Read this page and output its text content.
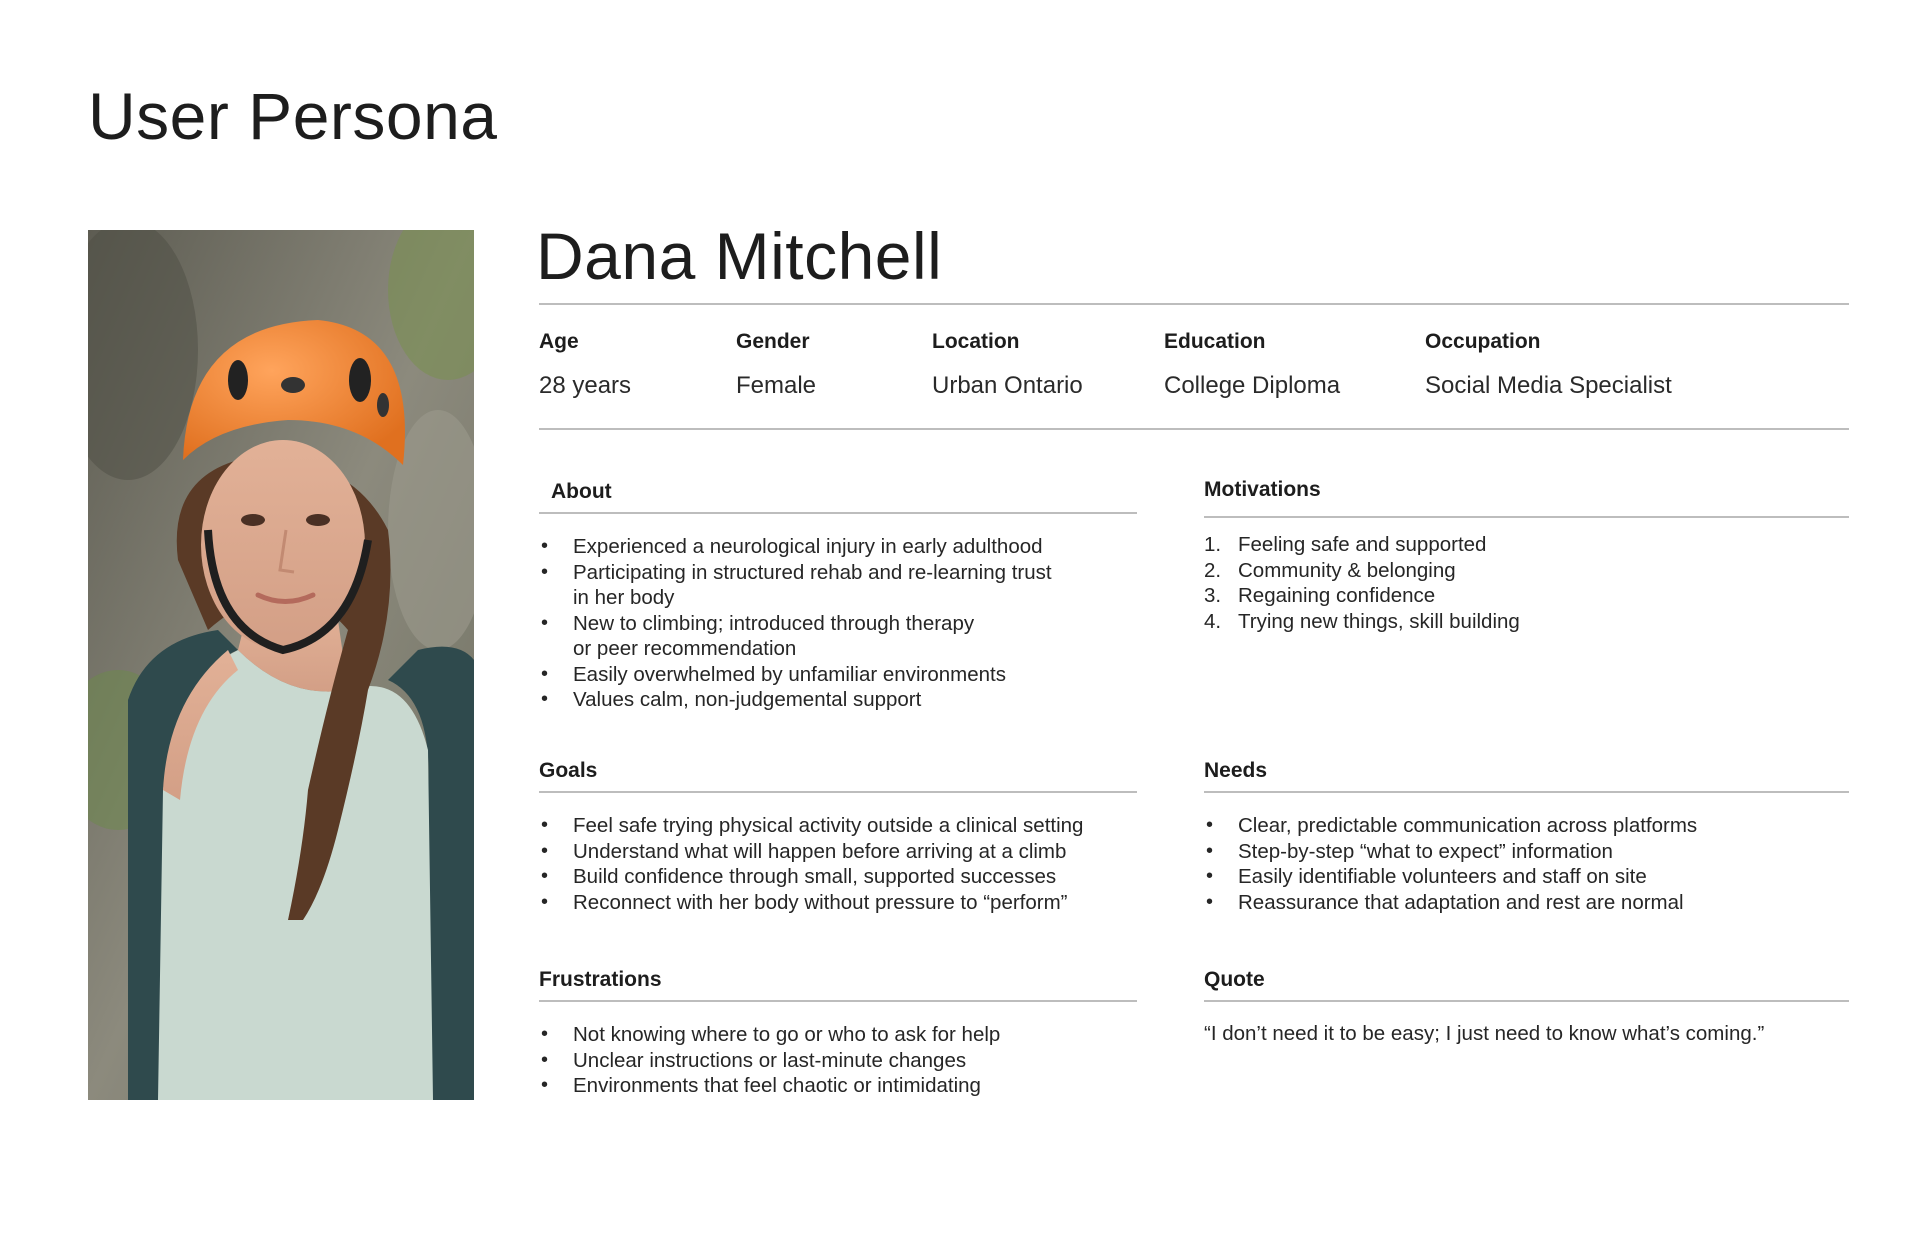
User Persona
Dana Mitchell
Age
28 years
Gender
Female
Location
Urban Ontario
Education
College Diploma
Occupation
Social Media Specialist
About
• Experienced a neurological injury in early adulthood
• Participating in structured rehab and re-learning trust
in her body
• New to climbing; introduced through therapy
or peer recommendation
• Easily overwhelmed by unfamiliar environments
• Values calm, non-judgemental support
Motivations
1. Feeling safe and supported
2. Community & belonging
3. Regaining confidence
4. Trying new things, skill building
Goals
• Feel safe trying physical activity outside a clinical setting
• Understand what will happen before arriving at a climb
• Build confidence through small, supported successes
• Reconnect with her body without pressure to “perform”
Needs
• Clear, predictable communication across platforms
• Step-by-step “what to expect” information
• Easily identifiable volunteers and staff on site
• Reassurance that adaptation and rest are normal
Frustrations
• Not knowing where to go or who to ask for help
• Unclear instructions or last-minute changes
• Environments that feel chaotic or intimidating
Quote
“I don’t need it to be easy; I just need to know what’s coming.”
